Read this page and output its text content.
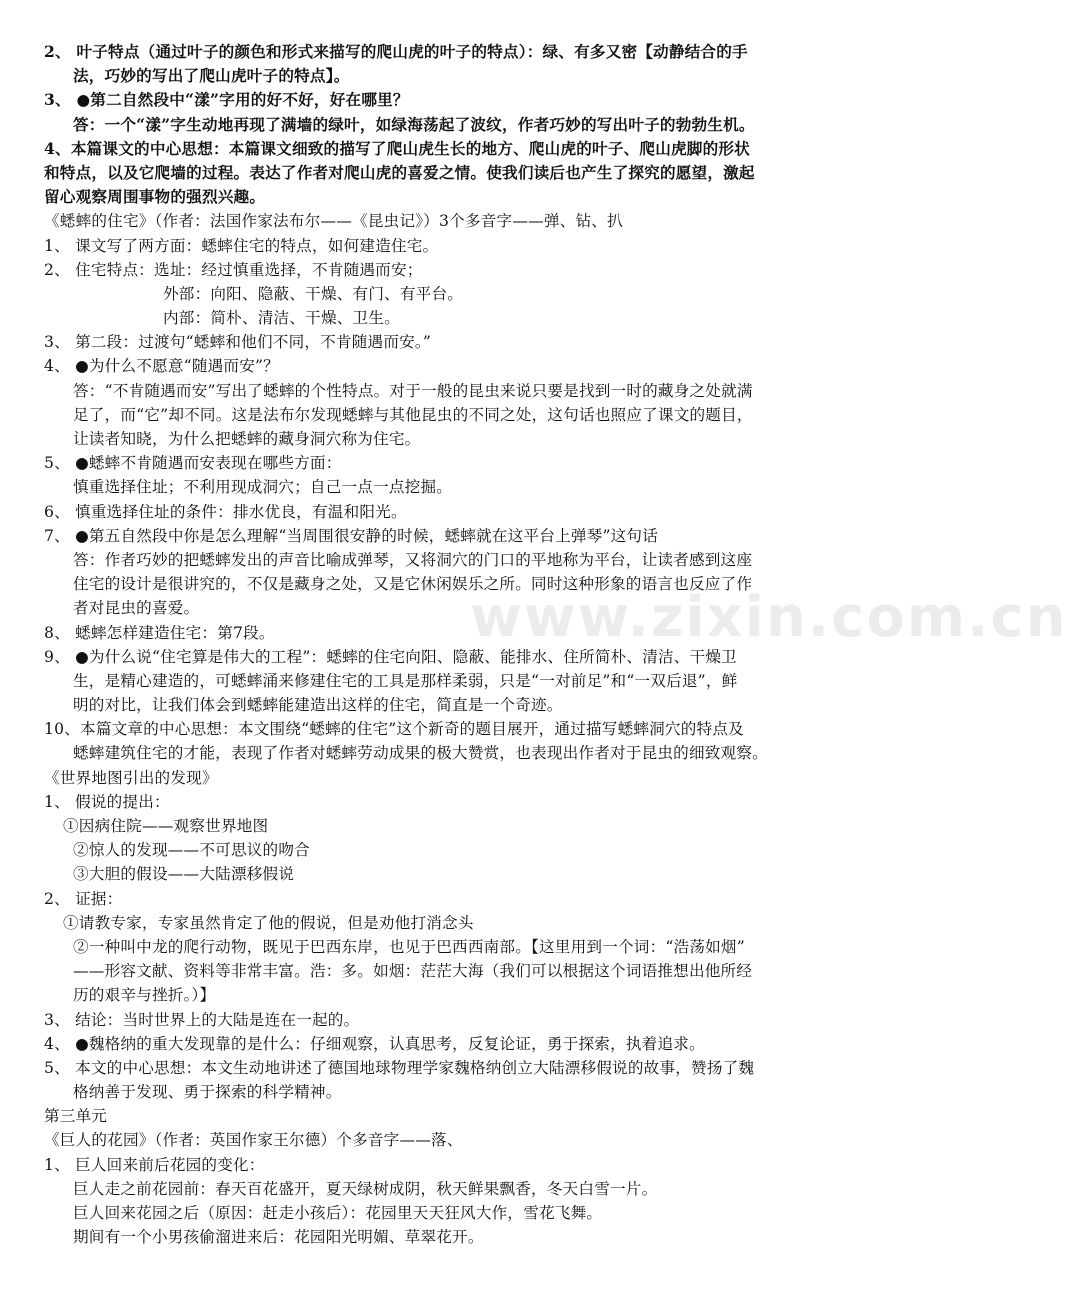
2、 叶子特点（通过叶子的颜色和形式来描写的爬山虎的叶子的特点）：绿、有多又密【动静结合的手
法，巧妙的写出了爬山虎叶子的特点】。
3、 ●第二自然段中“漾”字用的好不好，好在哪里？
答：一个“漾”字生动地再现了满墙的绿叶，如绿海荡起了波纹，作者巧妙的写出叶子的勃勃生机。
4、本篇课文的中心思想：本篇课文细致的描写了爬山虎生长的地方、爬山虎的叶子、爬山虎脚的形状
和特点，以及它爬墙的过程。表达了作者对爬山虎的喜爱之情。使我们读后也产生了探究的愿望，激起
留心观察周围事物的强烈兴趣。
《蟋蟀的住宅》（作者：法国作家法布尔——《昆虫记》）3个多音字——弹、钻、扒
1、 课文写了两方面：蟋蟀住宅的特点，如何建造住宅。
2、 住宅特点：选址：经过慎重选择，不肯随遇而安；
外部：向阳、隐蔽、干燥、有门、有平台。
内部：简朴、清洁、干燥、卫生。
3、 第二段：过渡句“蟋蟀和他们不同，不肯随遇而安。”
4、 ●为什么不愿意“随遇而安”？
答：“不肯随遇而安”写出了蟋蟀的个性特点。对于一般的昆虫来说只要是找到一时的藏身之处就满
足了，而“它”却不同。这是法布尔发现蟋蟀与其他昆虫的不同之处，这句话也照应了课文的题目，
让读者知晓，为什么把蟋蟀的藏身洞穴称为住宅。
5、 ●蟋蟀不肯随遇而安表现在哪些方面：
慎重选择住址；不利用现成洞穴；自己一点一点挖掘。
6、 慎重选择住址的条件：排水优良，有温和阳光。
7、 ●第五自然段中你是怎么理解“当周围很安静的时候，蟋蟀就在这平台上弹琴”这句话
答：作者巧妙的把蟋蟀发出的声音比喻成弹琴，又将洞穴的门口的平地称为平台，让读者感到这座
住宅的设计是很讲究的，不仅是藏身之处，又是它休闲娱乐之所。同时这种形象的语言也反应了作
者对昆虫的喜爱。
8、 蟋蟀怎样建造住宅：第7段。
9、 ●为什么说“住宅算是伟大的工程”：蟋蟀的住宅向阳、隐蔽、能排水、住所简朴、清洁、干燥卫
生，是精心建造的，可蟋蟀涌来修建住宅的工具是那样柔弱，只是“一对前足”和“一双后退”，鲜
明的对比，让我们体会到蟋蟀能建造出这样的住宅，简直是一个奇迹。
10、本篇文章的中心思想：本文围绕“蟋蟀的住宅”这个新奇的题目展开，通过描写蟋蟀洞穴的特点及
蟋蟀建筑住宅的才能，表现了作者对蟋蟀劳动成果的极大赞赏，也表现出作者对于昆虫的细致观察。
《世界地图引出的发现》
1、 假说的提出：
①因病住院——观察世界地图
②惊人的发现——不可思议的吻合
③大胆的假设——大陆漂移假说
2、 证据：
①请教专家，专家虽然肯定了他的假说，但是劝他打消念头
②一种叫中龙的爬行动物，既见于巴西东岸，也见于巴西西南部。【这里用到一个词：“浩荡如烟”
——形容文献、资料等非常丰富。浩：多。如烟：茫茫大海（我们可以根据这个词语推想出他所经
历的艰辛与挫折。）】
3、 结论：当时世界上的大陆是连在一起的。
4、 ●魏格纳的重大发现靠的是什么：仔细观察，认真思考，反复论证，勇于探索，执着追求。
5、 本文的中心思想：本文生动地讲述了德国地球物理学家魏格纳创立大陆漂移假说的故事，赞扬了魏
格纳善于发现、勇于探索的科学精神。
第三单元
《巨人的花园》（作者：英国作家王尔德）个多音字——落、
1、 巨人回来前后花园的变化：
巨人走之前花园前：春天百花盛开，夏天绿树成阴，秋天鲜果飘香，冬天白雪一片。
巨人回来花园之后（原因：赶走小孩后）：花园里天天狂风大作，雪花飞舞。
期间有一个小男孩偷溜进来后：花园阳光明媚、草翠花开。
www.zixin.com.cn
